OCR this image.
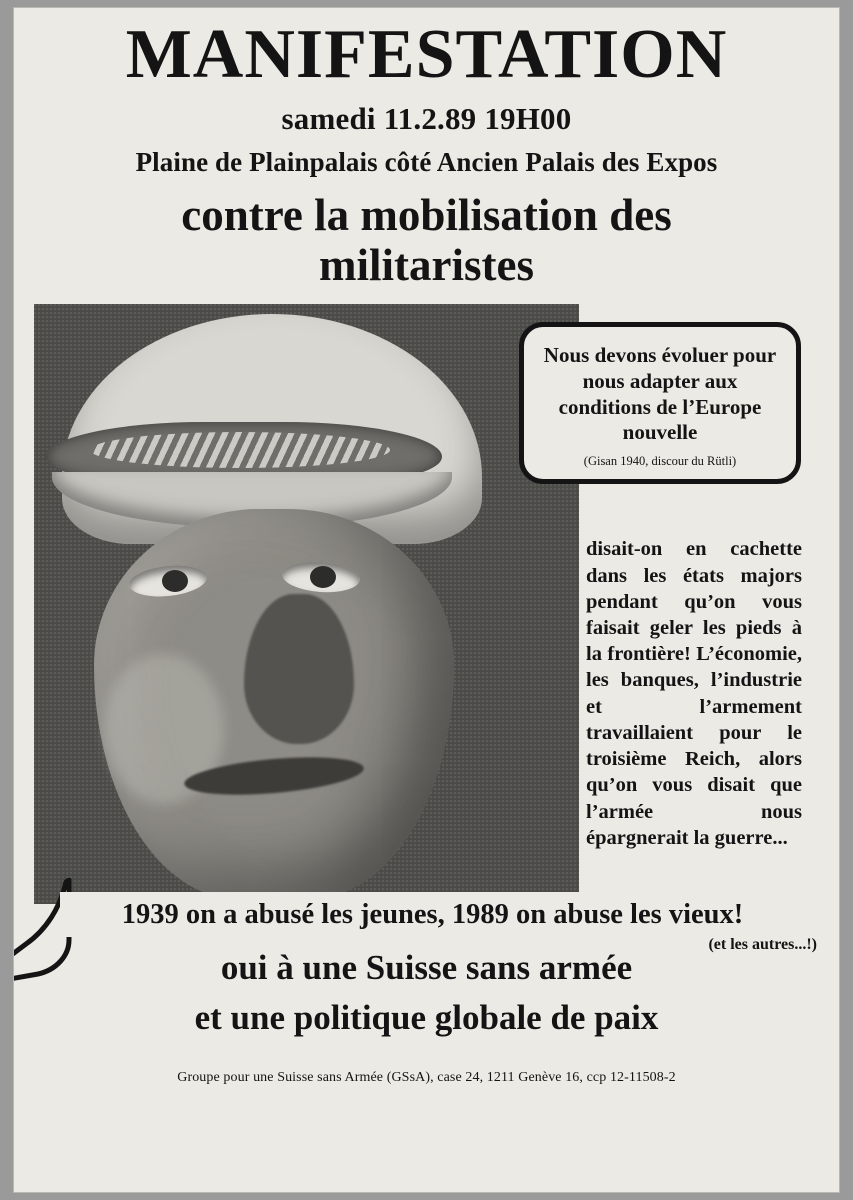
MANIFESTATION
samedi 11.2.89 19H00
Plaine de Plainpalais côté Ancien Palais des Expos
contre la mobilisation des
militaristes
Nous devons évoluer pour nous adapter aux conditions de l’Europe nouvelle
(Gisan 1940, discour du Rütli)

disait-on en cachette dans les états majors pendant qu’on vous faisait geler les pieds à la frontière! L’économie, les banques, l’industrie et l’armement travaillaient pour le troisième Reich, alors qu’on vous disait que l’armée nous épargnerait la guerre...

1939 on a abusé les jeunes, 1989 on abuse les vieux!
(et les autres...!)
oui à une Suisse sans armée
et une politique globale de paix
Groupe pour une Suisse sans Armée (GSsA), case 24, 1211 Genève 16, ccp 12-11508-2
